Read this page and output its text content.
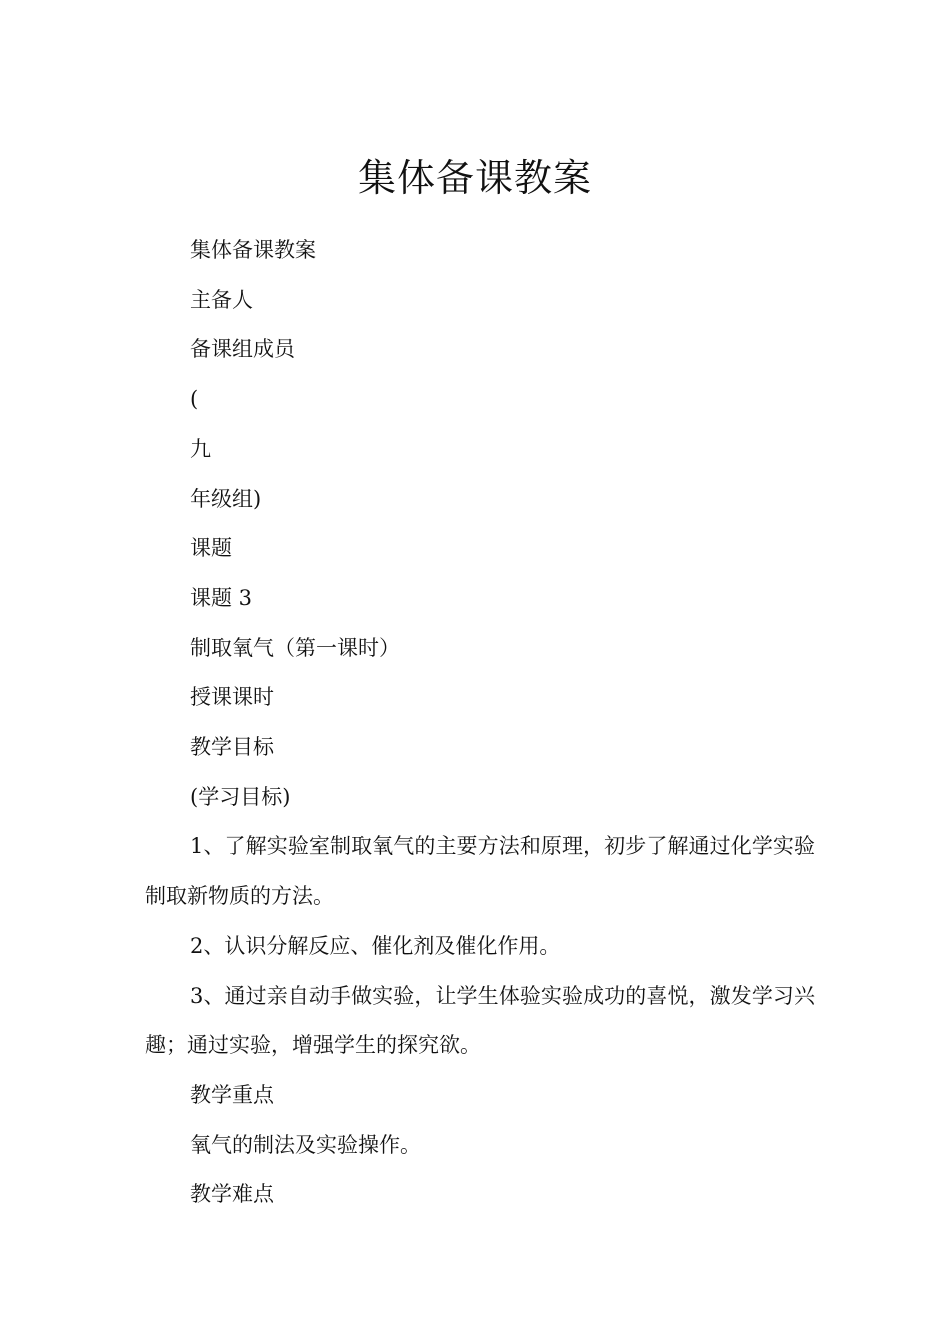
集体备课教案

集体备课教案

主备人

备课组成员

(

九

年级组)

课题

课题 3

制取氧气（第一课时）

授课课时

教学目标

(学习目标)

1、了解实验室制取氧气的主要方法和原理，初步了解通过化学实验制取新物质的方法。

2、认识分解反应、催化剂及催化作用。

3、通过亲自动手做实验，让学生体验实验成功的喜悦，激发学习兴趣；通过实验，增强学生的探究欲。

教学重点

氧气的制法及实验操作。

教学难点
